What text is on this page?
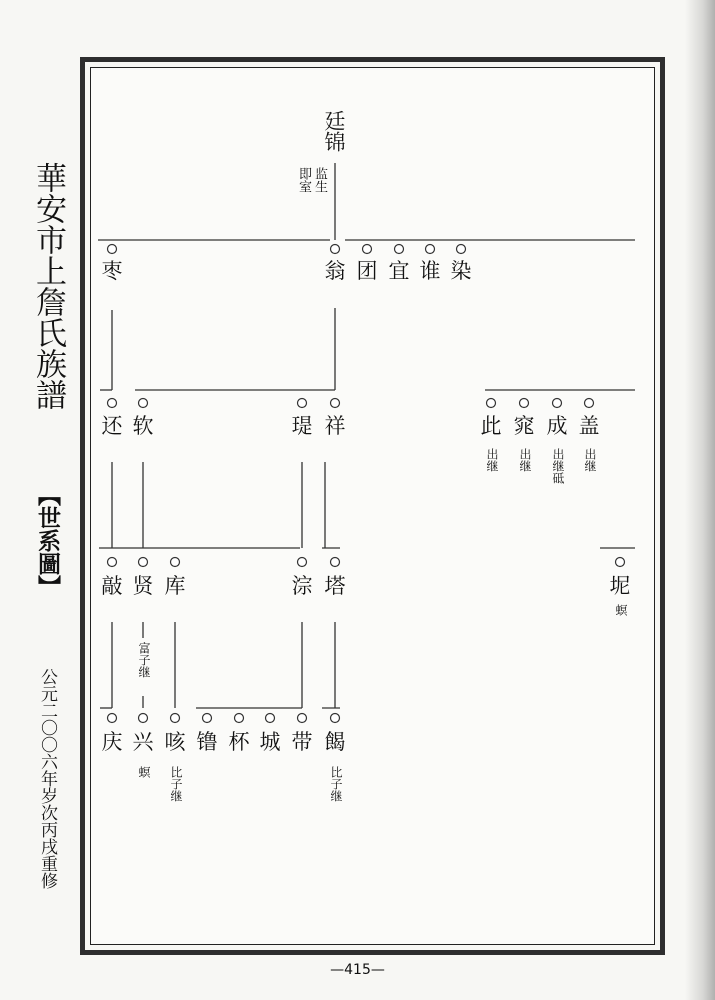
華安市上詹氏族譜
【世系圖】
公元二〇〇六年岁次丙戌重修
廷锦
即室 监生
枣	翁 团 宜 谁 染
还 软	瑅 祥	此 窕 成 盖
出继 出继 出继砥 出继
敲 贤 库	淙 塔	坭
螟
富子继
庆 兴 咳 镥 杯 城 带 餲
螟 比子继	比子继
—415—
